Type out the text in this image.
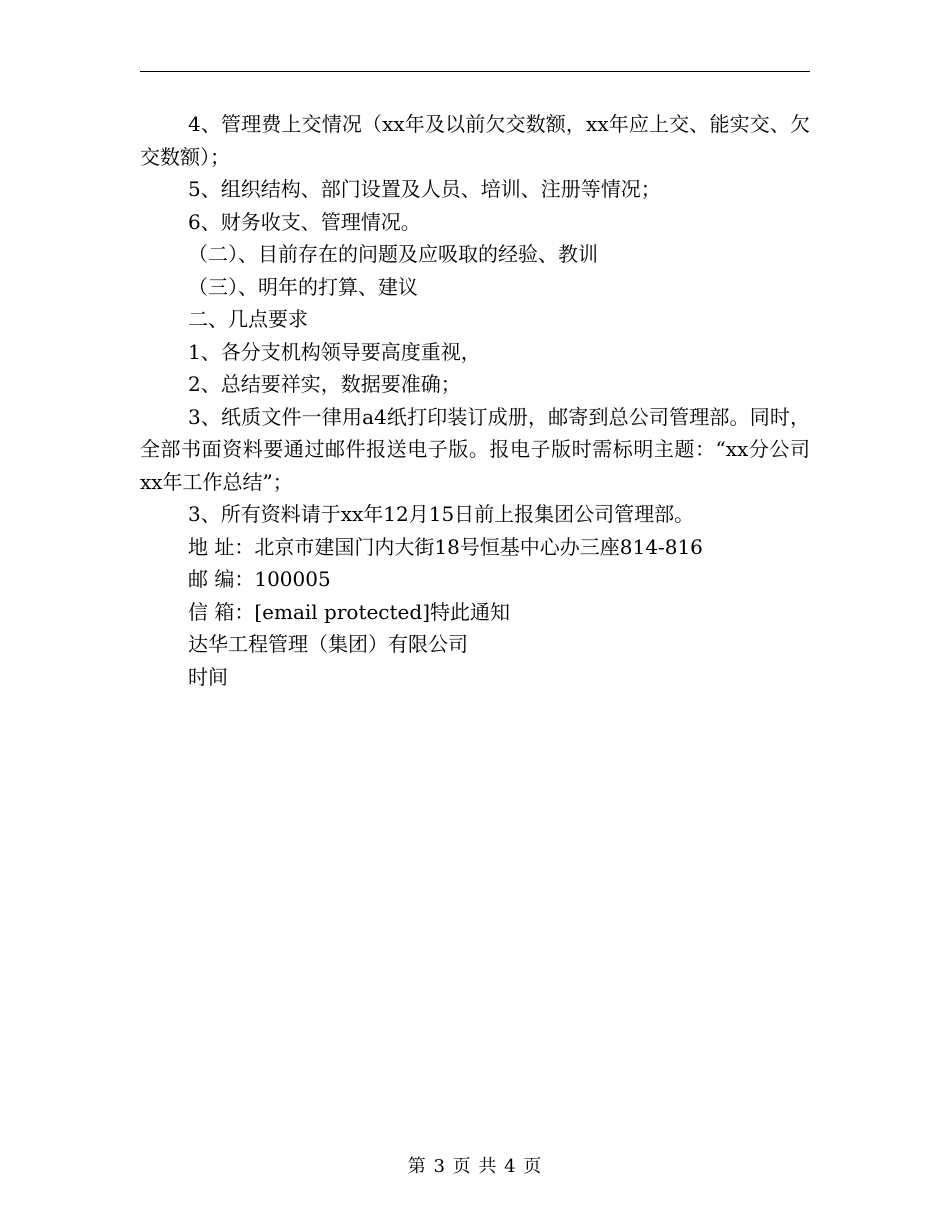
4、管理费上交情况（xx年及以前欠交数额，xx年应上交、能实交、欠交数额）；

5、组织结构、部门设置及人员、培训、注册等情况；

6、财务收支、管理情况。

（二）、目前存在的问题及应吸取的经验、教训

（三）、明年的打算、建议

二、几点要求

1、各分支机构领导要高度重视，

2、总结要祥实，数据要准确；

3、纸质文件一律用a4纸打印装订成册，邮寄到总公司管理部。同时，全部书面资料要通过邮件报送电子版。报电子版时需标明主题：“xx分公司xx年工作总结”；

3、所有资料请于xx年12月15日前上报集团公司管理部。

地 址：北京市建国门内大街18号恒基中心办三座814-816

邮 编：100005

信 箱：[email protected]特此通知

达华工程管理（集团）有限公司

时间

第 3 页 共 4 页
